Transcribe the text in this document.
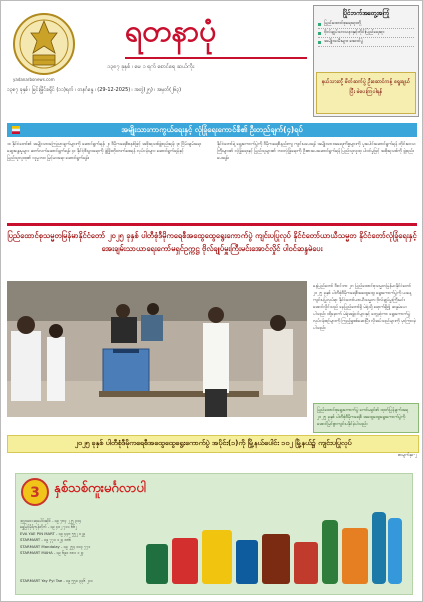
yadanarbonews.com
ရတနာပုံ
၁၃၈၇ ခုနှစ် ၊ မေ ၁ ရက် စောင်ရေ ဆယ်ကိုး
၁၃၈၇ ခုနှစ် ၊ မြင်းမြိုင်ခရိုင် (၁၁)ရက် ၊ တနင်္ဂနွေ ၊ (29-12-2025) ၊ အတွဲ(၂၅) ၊ အမှတ်(၂၆၃)
ပြိုင်ဘက်အတွေ့အကြုံ
ပြည်ထောင်စုရေးရာတို့
ဗိုလ်ချုပ်သာသနာနှင့်တိုင်းပြည်ရေးရာ
အမျိုးသမီးများ အောင်ပွဲ
နယ်သားတို့ မိတ်ဆက်ပွဲ ဦးဆောင်ကန့် ရွေးချယ်ပြီး မဲပေးကြပါရန်
အမျိုးသားကာကွယ်ရေးနှင့် လုံခြုံရေးကောင်စီ၏ ဦးတည်ချက်(၄)ရပ်
၁။ နိုင်ငံတော်၏ အမျိုးသားကြေညာချက်များကို ဆောင်ရွက်ရန်၊ ၂။ ဒီမိုကရေစီစနစ်ဖြင့် အစိုးရသစ်ဖွဲ့စည်းရန်၊ ၃။ ငြိမ်းချမ်းရေးဆွေးနွေးမှုများ ဆက်လက်ဆောင်ရွက်ရန်၊ ၄။ နိုင်ငံ့စီးပွားရေးကို ဖွံ့ဖြိုးတိုးတက်စေရန် လုပ်ငန်းများ ဆောင်ရွက်ရန်နှင့် ပြည်သူလူထု၏ လူမှုဘဝ မြင့်မားရေး ဆောင်ရွက်ရန်။
နိုင်ငံတော်ရဲ့ ရွေးကောက်ပွဲကို ဒီမိုကရေစီနည်းကျ ကျင်းပပေးရန် အမျိုးသားအရေးကိစ္စများကို ပူးပေါင်းဆောင်ရွက်ရန် တိုင်းဒေသကြီးများ၏ လုံခြုံရေးနှင့် ပြည်သူများ၏ ဘဝလုံခြုံရေးကို ဦးစားပေးဆောင်ရွက်ရန် ပြည်သူလူထု ပါဝင်မှုဖြင့် အစိုးရသစ်ကို ဖွဲ့စည်းပေးရန်။
ပြည်ထောင်စုသမ္မတမြန်မာနိုင်ငံတော် ၂၀၂၅ ခုနှစ် ပါတီစုံဒီမိုကရေစီအထွေထွေရွေးကောက်ပွဲ ကျင်းပပြုလုပ် နိုင်ငံတော်ယာယီသမ္မတ နိုင်ငံတော်လုံခြုံရေးနှင့် အေးချမ်းသာယာရေးကော်မရှင်ဥက္ကဋ္ဌ ဗိုလ်ချုပ်မှူးကြီးမင်းအောင်လှိုင် ပါဝင်ဆန္ဒမဲပေး
နေပြည်တော် ဒီဇင်ဘာ ၂၈ ပြည်ထောင်စုသမ္မတမြန်မာနိုင်ငံတော် ၂၀၂၅ ခုနှစ် ပါတီစုံဒီမိုကရေစီအထွေထွေ ရွေးကောက်ပွဲကို ယနေ့ကျင်းပပြုလုပ်ရာ နိုင်ငံတော်ယာယီသမ္မတ ဗိုလ်ချုပ်မှူးကြီးမင်းအောင်လှိုင်သည် နေပြည်တော်ရှိ မဲရုံသို့ ရောက်ရှိ၍ ဆန္ဒမဲပေးပါသည်။ ထို့နောက် မဲရုံအဖွဲ့ဝင်များနှင့် တွေ့ဆုံကာ ရွေးကောက်ပွဲ လုပ်ငန်းစဉ်များကို ကြည့်ရှုစစ်ဆေးပြီး လိုအပ်သည်များကို မှာကြားခဲ့ပါသည်။
ပြည်ထောင်စုရွေးကောက်ပွဲ ကော်မရှင်၏ ထုတ်ပြန်ချက်အရ ၂၀၂၅ ခုနှစ် ပါတီစုံဒီမိုကရေစီ အထွေထွေရွေးကောက်ပွဲကို အောင်မြင်စွာကျင်းပနိုင်ခဲ့ပါသည်။
၂၀၂၅ ခုနှစ် ပါတီစုံဒီမိုကရေစီအထွေထွေရွေးကောက်ပွဲ အပိုင်း(၁)ကို မြို့နယ်ပေါင်း ၁၀၂ မြို့နယ်၌ ကျင်းပပြုလုပ်
စာမျက်နှာ-၂
3 နှစ်သစ်ကူးမင်္ဂလာပါ
ဒုလ္လာဝေး ဆုပေါင်းဆိုင် - ၀၉ ၇၈၄ ၂၂၅ ၃၁၄
ရွှေမြင့်မိုရ်ကုန်တိုက် - ၀၉ ၄၀၂ ၇၁၁ ၆၆၂
EVA YAE PIN MART - ၀၉ ၄၄၈ ၅၅၂ ၀၂၉
STARMART - ၀၉ ၇၇၁ ၁၂၄ ၈၈၆
STARMART Mandalay - ၀၉ ၂၅၄ ၀၀၃ ၇၇၁
STARMART MAHA - ၀၉ ၆၉၀ ၈၈၁ ၁၂၃
STARMART Yay Pyi Tae - ၀၉ ၅၅၀ ၃၃၆ ၂၁၁
